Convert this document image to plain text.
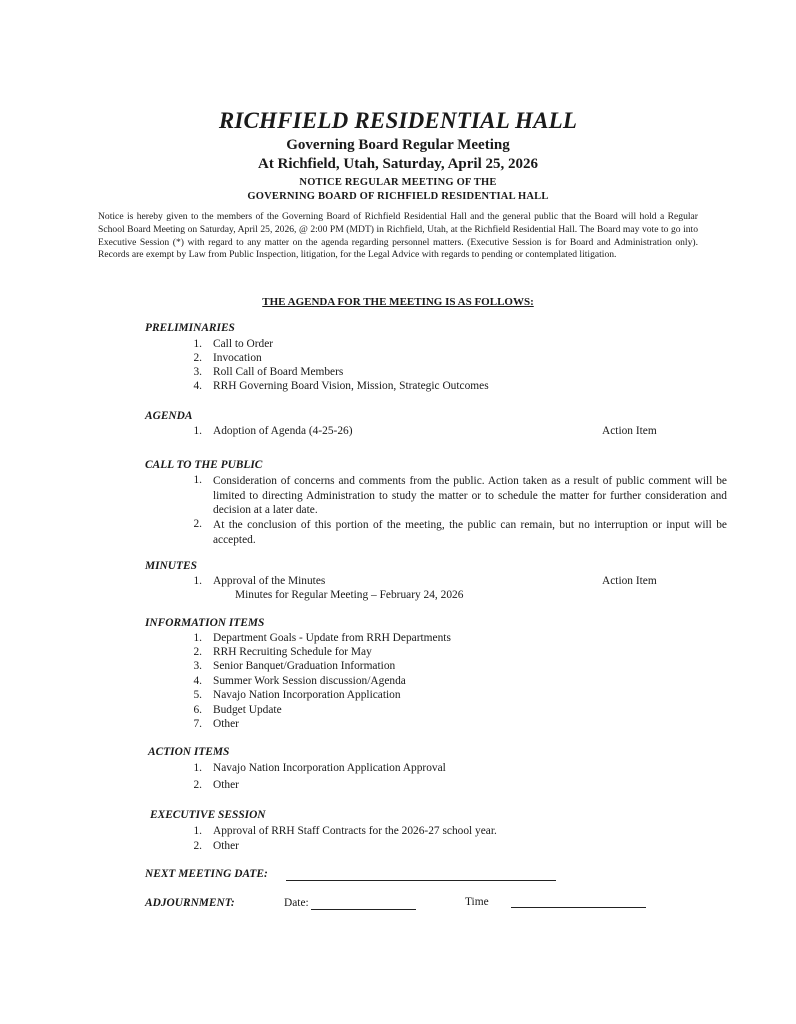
RICHFIELD RESIDENTIAL HALL
Governing Board Regular Meeting
At Richfield, Utah, Saturday, April 25, 2026
NOTICE REGULAR MEETING OF THE
GOVERNING BOARD OF RICHFIELD RESIDENTIAL HALL
Notice is hereby given to the members of the Governing Board of Richfield Residential Hall and the general public that the Board will hold a Regular School Board Meeting on Saturday, April 25, 2026, @ 2:00 PM (MDT) in Richfield, Utah, at the Richfield Residential Hall. The Board may vote to go into Executive Session (*) with regard to any matter on the agenda regarding personnel matters. (Executive Session is for Board and Administration only). Records are exempt by Law from Public Inspection, litigation, for the Legal Advice with regards to pending or contemplated litigation.
THE AGENDA FOR THE MEETING IS AS FOLLOWS:
PRELIMINARIES
1. Call to Order
2. Invocation
3. Roll Call of Board Members
4. RRH Governing Board Vision, Mission, Strategic Outcomes
AGENDA
1. Adoption of Agenda (4-25-26)	Action Item
CALL TO THE PUBLIC
1. Consideration of concerns and comments from the public. Action taken as a result of public comment will be limited to directing Administration to study the matter or to schedule the matter for further consideration and decision at a later date.
2. At the conclusion of this portion of the meeting, the public can remain, but no interruption or input will be accepted.
MINUTES
1. Approval of the Minutes	Action Item
Minutes for Regular Meeting – February 24, 2026
INFORMATION ITEMS
1. Department Goals - Update from RRH Departments
2. RRH Recruiting Schedule for May
3. Senior Banquet/Graduation Information
4. Summer Work Session discussion/Agenda
5. Navajo Nation Incorporation Application
6. Budget Update
7. Other
ACTION ITEMS
1. Navajo Nation Incorporation Application Approval
2. Other
EXECUTIVE SESSION
1. Approval of RRH Staff Contracts for the 2026-27 school year.
2. Other
NEXT MEETING DATE:
ADJOURNMENT:	Date:	Time
